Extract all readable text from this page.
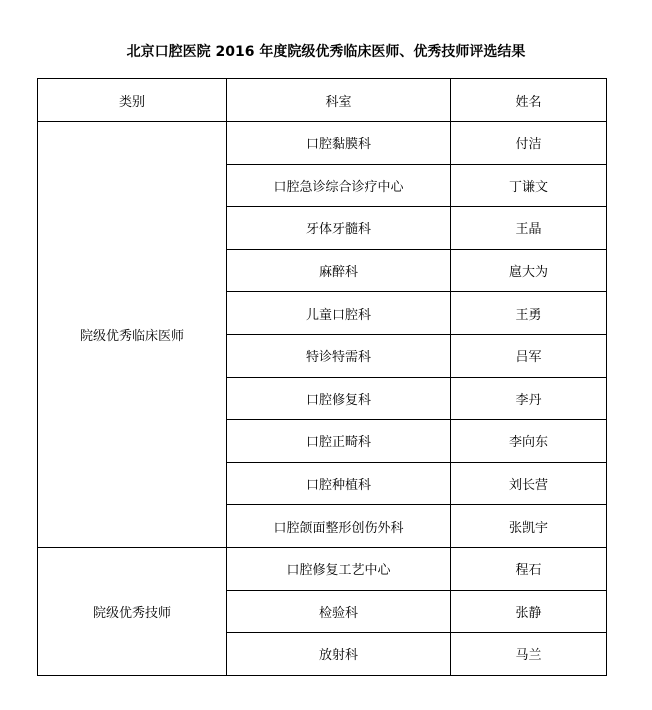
北京口腔医院 2016 年度院级优秀临床医师、优秀技师评选结果
类别	科室	姓名
院级优秀临床医师	口腔黏膜科	付洁
	口腔急诊综合诊疗中心	丁谦文
	牙体牙髓科	王晶
	麻醉科	扈大为
	儿童口腔科	王勇
	特诊特需科	吕军
	口腔修复科	李丹
	口腔正畸科	李向东
	口腔种植科	刘长营
	口腔颌面整形创伤外科	张凯宇
院级优秀技师	口腔修复工艺中心	程石
	检验科	张静
	放射科	马兰
